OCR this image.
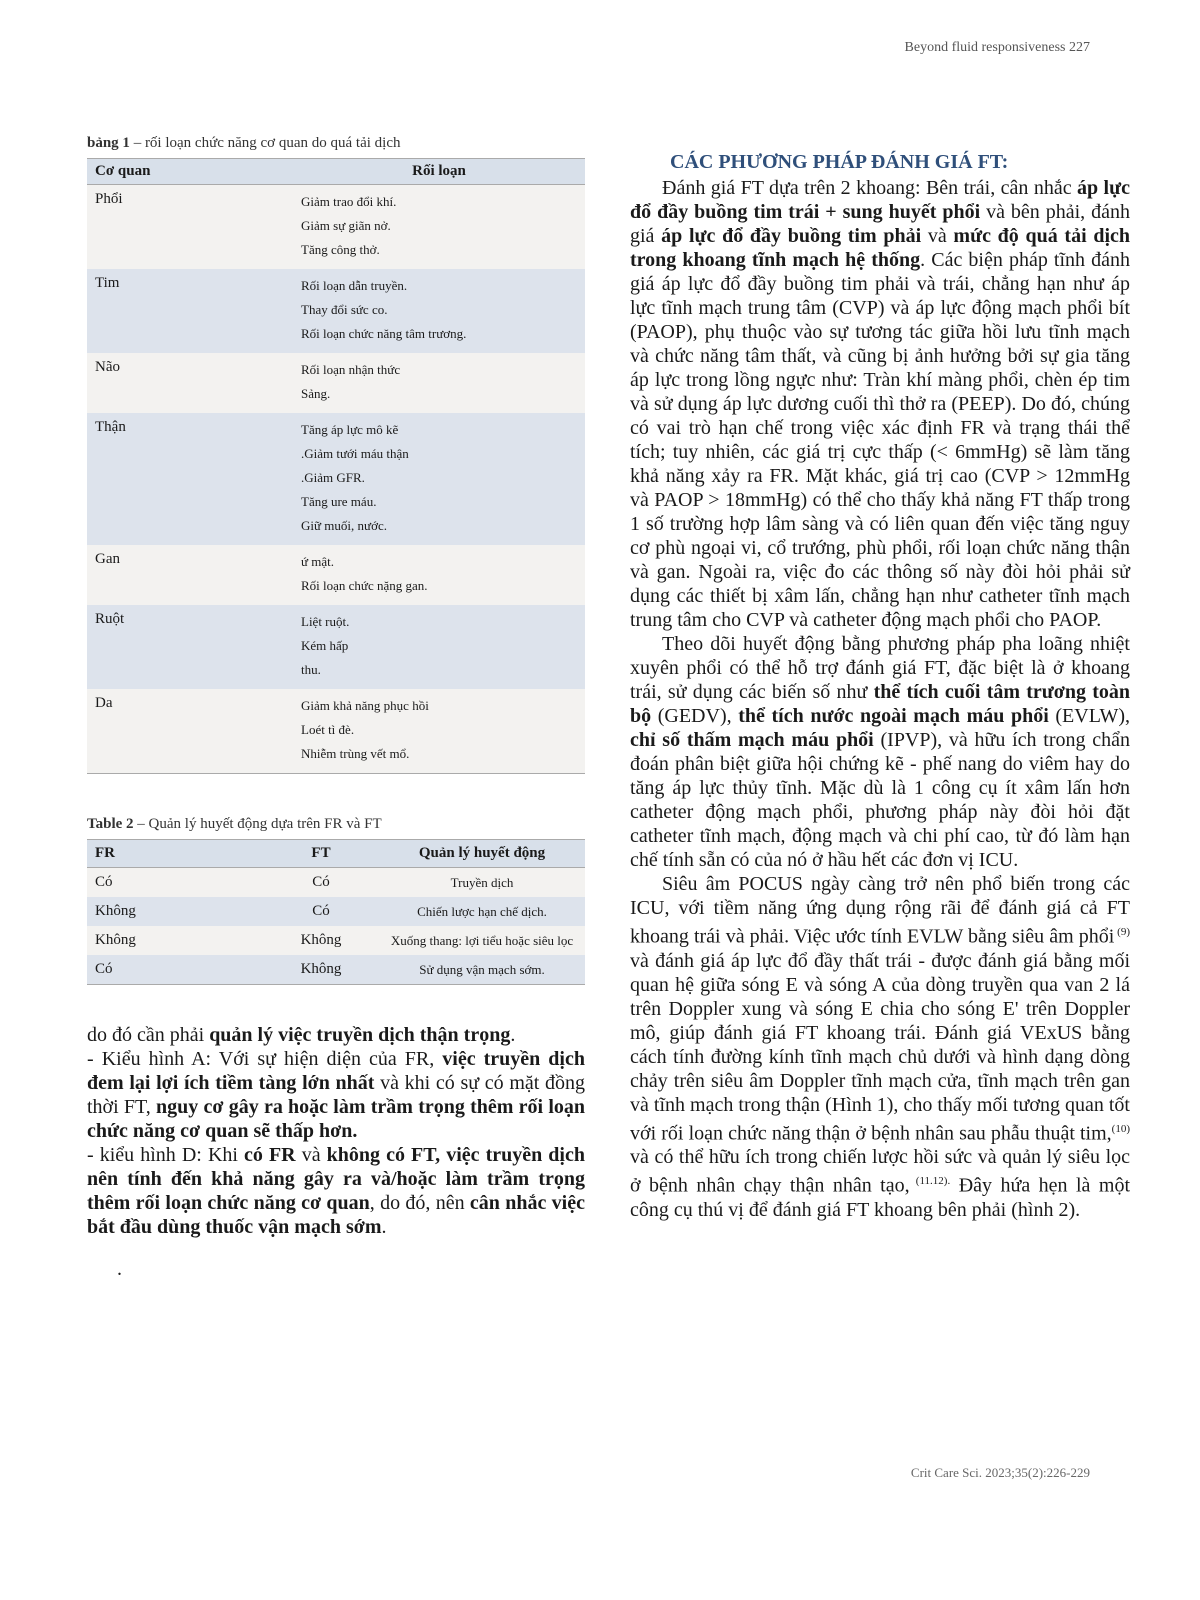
Beyond fluid responsiveness 227
bảng 1 – rối loạn chức năng cơ quan do quá tải dịch
Cơ quan	Rối loạn
Phổi	Giảm trao đổi khí.
Giảm sự giãn nở.
Tăng công thở.

Tim	Rối loạn dẫn truyền.
Thay đổi sức co.
Rối loạn chức năng tâm trương.

Não	Rối loạn nhận thức
Sảng.

Thận	Tăng áp lực mô kẽ
.Giảm tưới máu thận
.Giảm GFR.
Tăng ure máu.
Giữ muối, nước.

Gan	ứ mật.
Rối loạn chức nặng gan.

Ruột	Liệt ruột.
Kém hấp
thu.

Da	Giảm khả năng phục hồi
Loét tì đè.
Nhiễm trùng vết mổ.
Table 2 – Quản lý huyết động dựa trên FR và FT
FR	FT	Quản lý huyết động
Có	Có	Truyền dịch
Không	Có	Chiến lược hạn chế dịch.
Không	Không	Xuống thang: lợi tiểu hoặc siêu lọc
Có	Không	Sử dụng vận mạch sớm.

do đó cần phải quản lý việc truyền dịch thận trọng.

- Kiểu hình A: Với sự hiện diện của FR, việc truyền dịch đem lại lợi ích tiềm tàng lớn nhất và khi có sự có mặt đồng thời FT, nguy cơ gây ra hoặc làm trầm trọng thêm rối loạn chức năng cơ quan sẽ thấp hơn.

- kiểu hình D: Khi có FR và không có FT, việc truyền dịch nên tính đến khả năng gây ra và/hoặc làm trầm trọng thêm rối loạn chức năng cơ quan, do đó, nên cân nhắc việc bắt đầu dùng thuốc vận mạch sớm.

.
CÁC PHƯƠNG PHÁP ĐÁNH GIÁ FT:

Đánh giá FT dựa trên 2 khoang: Bên trái, cân nhắc áp lực đổ đầy buồng tim trái + sung huyết phổi và bên phải, đánh giá áp lực đổ đầy buồng tim phải và mức độ quá tải dịch trong khoang tĩnh mạch hệ thống. Các biện pháp tĩnh đánh giá áp lực đổ đầy buồng tim phải và trái, chẳng hạn như áp lực tĩnh mạch trung tâm (CVP) và áp lực động mạch phổi bít (PAOP), phụ thuộc vào sự tương tác giữa hồi lưu tĩnh mạch và chức năng tâm thất, và cũng bị ảnh hưởng bởi sự gia tăng áp lực trong lồng ngực như: Tràn khí màng phổi, chèn ép tim và sử dụng áp lực dương cuối thì thở ra (PEEP). Do đó, chúng có vai trò hạn chế trong việc xác định FR và trạng thái thể tích; tuy nhiên, các giá trị cực thấp (< 6mmHg) sẽ làm tăng khả năng xảy ra FR. Mặt khác, giá trị cao (CVP > 12mmHg và PAOP > 18mmHg) có thể cho thấy khả năng FT thấp trong 1 số trường hợp lâm sàng và có liên quan đến việc tăng nguy cơ phù ngoại vi, cổ trướng, phù phổi, rối loạn chức năng thận và gan. Ngoài ra, việc đo các thông số này đòi hỏi phải sử dụng các thiết bị xâm lấn, chẳng hạn như catheter tĩnh mạch trung tâm cho CVP và catheter động mạch phổi cho PAOP.

Theo dõi huyết động bằng phương pháp pha loãng nhiệt xuyên phổi có thể hỗ trợ đánh giá FT, đặc biệt là ở khoang trái, sử dụng các biến số như thể tích cuối tâm trương toàn bộ (GEDV), thể tích nước ngoài mạch máu phổi (EVLW), chỉ số thấm mạch máu phổi (IPVP), và hữu ích trong chẩn đoán phân biệt giữa hội chứng kẽ - phế nang do viêm hay do tăng áp lực thủy tĩnh. Mặc dù là 1 công cụ ít xâm lấn hơn catheter động mạch phổi, phương pháp này đòi hỏi đặt catheter tĩnh mạch, động mạch và chi phí cao, từ đó làm hạn chế tính sẵn có của nó ở hầu hết các đơn vị ICU.

Siêu âm POCUS ngày càng trở nên phổ biến trong các ICU, với tiềm năng ứng dụng rộng rãi để đánh giá cả FT khoang trái và phải. Việc ước tính EVLW bằng siêu âm phổi $^{(9)}$ và đánh giá áp lực đổ đầy thất trái - được đánh giá bằng mối quan hệ giữa sóng E và sóng A của dòng truyền qua van 2 lá trên Doppler xung và sóng E chia cho sóng E' trên Doppler mô, giúp đánh giá FT khoang trái. Đánh giá VExUS bằng cách tính đường kính tĩnh mạch chủ dưới và hình dạng dòng chảy trên siêu âm Doppler tĩnh mạch cửa, tĩnh mạch trên gan và tĩnh mạch trong thận (Hình 1), cho thấy mối tương quan tốt với rối loạn chức năng thận ở bệnh nhân sau phẫu thuật tim,$^{(10)}$ và có thể hữu ích trong chiến lược hồi sức và quản lý siêu lọc ở bệnh nhân chạy thận nhân tạo, $^{(11.12).}$ Đây hứa hẹn là một công cụ thú vị để đánh giá FT khoang bên phải (hình 2).

Crit Care Sci. 2023;35(2):226-229
